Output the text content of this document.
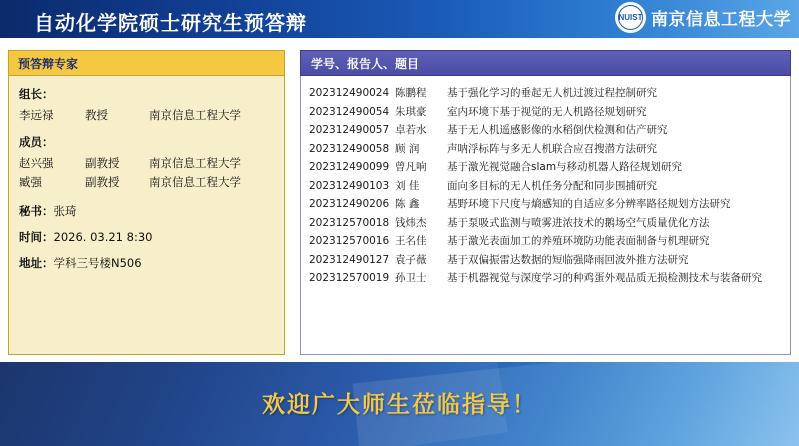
自动化学院硕士研究生预答辩	NUIST 南京信息工程大学
预答辩专家
组长：
李远禄	教授	南京信息工程大学
成员：
赵兴强	副教授	南京信息工程大学
臧强	副教授	南京信息工程大学
秘书：张琦
时间：2026. 03.21 8:30
地址：学科三号楼N506
学号、报告人、题目
202312490024 陈鹏程	基于强化学习的垂起无人机过渡过程控制研究
202312490054 朱琪豪	室内环境下基于视觉的无人机路径规划研究
202312490057 卓若水	基于无人机遥感影像的水稻倒伏检测和估产研究
202312490058 顾 润	声呐浮标阵与多无人机联合应召搜潜方法研究
202312490099 曾凡响	基于激光视觉融合slam与移动机器人路径规划研究
202312490103 刘 佳	面向多目标的无人机任务分配和同步围捕研究
202312490206 陈 鑫	基野环境下尺度与熵感知的自适应多分辨率路径规划方法研究
202312570018 钱炜杰	基于泵吸式监测与喷雾进浓技术的鹅场空气质量优化方法
202312570016 王名佳	基于激光表面加工的养殖环境防功能表面制备与机理研究
202312490127 袁子薇	基于双偏振雷达数据的短临强降雨回波外推方法研究
202312570019 孙卫士	基于机器视觉与深度学习的种鸡蛋外观品质无损检测技术与装备研究
欢迎广大师生莅临指导！
